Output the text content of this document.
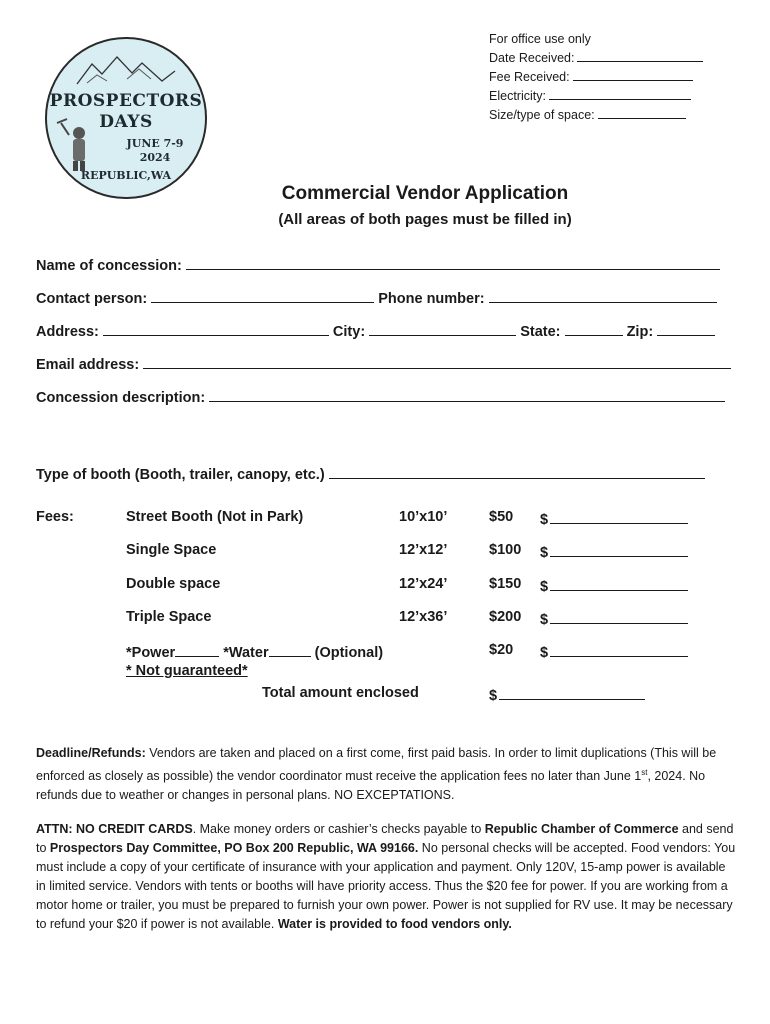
PROSPECTORS
DAYS
JUNE 7-9
2024
REPUBLIC,WA
For office use only
Date Received:
Fee Received:
Electricity:
Size/type of space:
Commercial Vendor Application
(All areas of both pages must be filled in)
Name of concession:
Contact person:	Phone number:
Address:	City:	State:	Zip:
Email address:
Concession description:
Type of booth (Booth, trailer, canopy, etc.)
Fees:	Street Booth (Not in Park)	10’x10’	$50 $
Single Space	12’x12’	$100 $
Double space	12’x24’	$150 $
Triple Space	12’x36’	$200 $
*Power	*Water	(Optional)	$20 $
* Not guaranteed*
Total amount enclosed	$
Deadline/Refunds: Vendors are taken and placed on a first come, first paid basis. In order to limit duplications (This will be enforced as closely as possible) the vendor coordinator must receive the application fees no later than June 1st, 2024. No refunds due to weather or changes in personal plans. NO EXCEPTATIONS.
ATTN: NO CREDIT CARDS. Make money orders or cashier’s checks payable to Republic Chamber of Commerce and send to Prospectors Day Committee, PO Box 200 Republic, WA 99166. No personal checks will be accepted. Food vendors: You must include a copy of your certificate of insurance with your application and payment. Only 120V, 15-amp power is available in limited service. Vendors with tents or booths will have priority access. Thus the $20 fee for power. If you are working from a motor home or trailer, you must be prepared to furnish your own power. Power is not supplied for RV use. It may be necessary to refund your $20 if power is not available. Water is provided to food vendors only.
